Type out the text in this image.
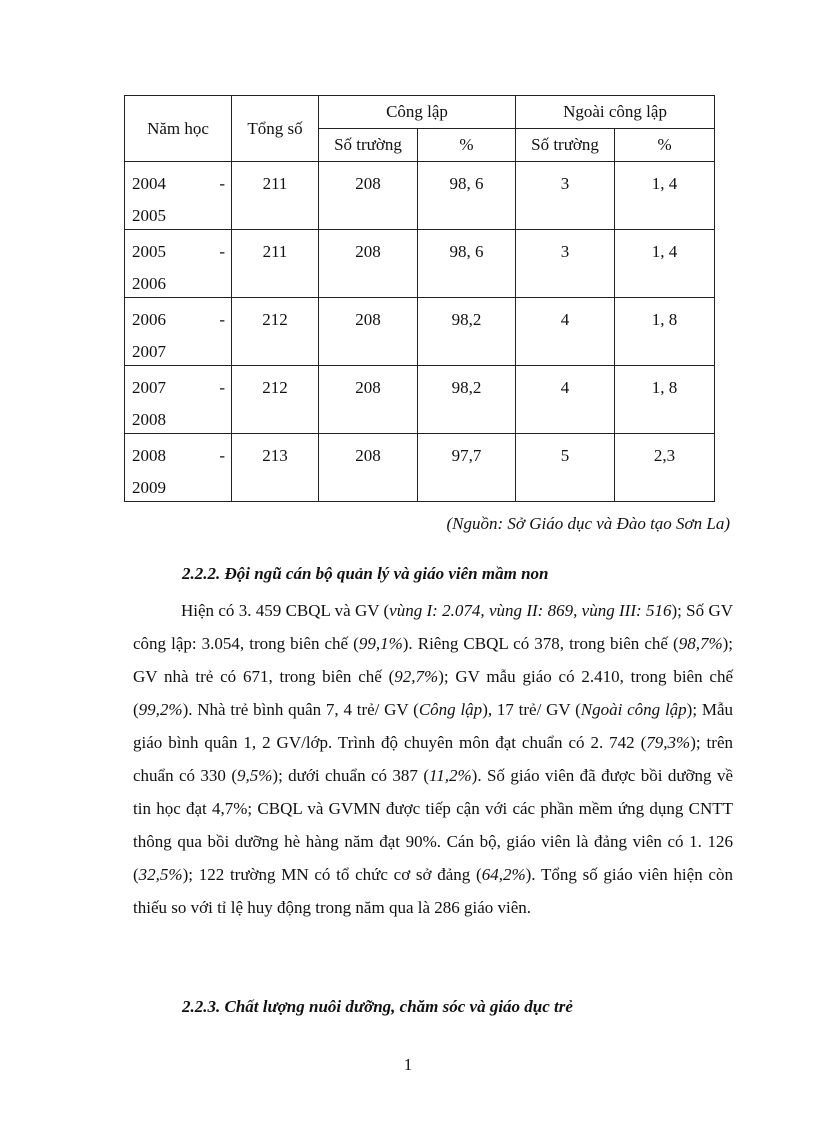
Năm học	Tổng số	Công lập		Ngoài công lập	
		Số trường	%	Số trường	%

2004 -
2005	211	208	98, 6	3	1, 4

2005 -
2006	211	208	98, 6	3	1, 4

2006 -
2007	212	208	98,2	4	1, 8

2007 -
2008	212	208	98,2	4	1, 8

2008 -
2009	213	208	97,7	5	2,3
(Nguồn: Sở Giáo dục và Đào tạo Sơn La)
2.2.2. Đội ngũ cán bộ quản lý và giáo viên mầm non

Hiện có 3. 459 CBQL và GV (vùng I: 2.074, vùng II: 869, vùng III: 516); Số GV công lập: 3.054, trong biên chế (99,1%). Riêng CBQL có 378, trong biên chế (98,7%); GV nhà trẻ có 671, trong biên chế (92,7%); GV mẫu giáo có 2.410, trong biên chế (99,2%). Nhà trẻ bình quân 7, 4 trẻ/ GV (Công lập), 17 trẻ/ GV (Ngoài công lập); Mẫu giáo bình quân 1, 2 GV/lớp. Trình độ chuyên môn đạt chuẩn có 2. 742 (79,3%); trên chuẩn có 330 (9,5%); dưới chuẩn có 387 (11,2%). Số giáo viên đã được bồi dưỡng về tin học đạt 4,7%; CBQL và GVMN được tiếp cận với các phần mềm ứng dụng CNTT thông qua bồi dưỡng hè hàng năm đạt 90%. Cán bộ, giáo viên là đảng viên có 1. 126 (32,5%); 122 trường MN có tổ chức cơ sở đảng (64,2%). Tổng số giáo viên hiện còn thiếu so với tỉ lệ huy động trong năm qua là 286 giáo viên.

2.2.3. Chất lượng nuôi dưỡng, chăm sóc và giáo dục trẻ
1
